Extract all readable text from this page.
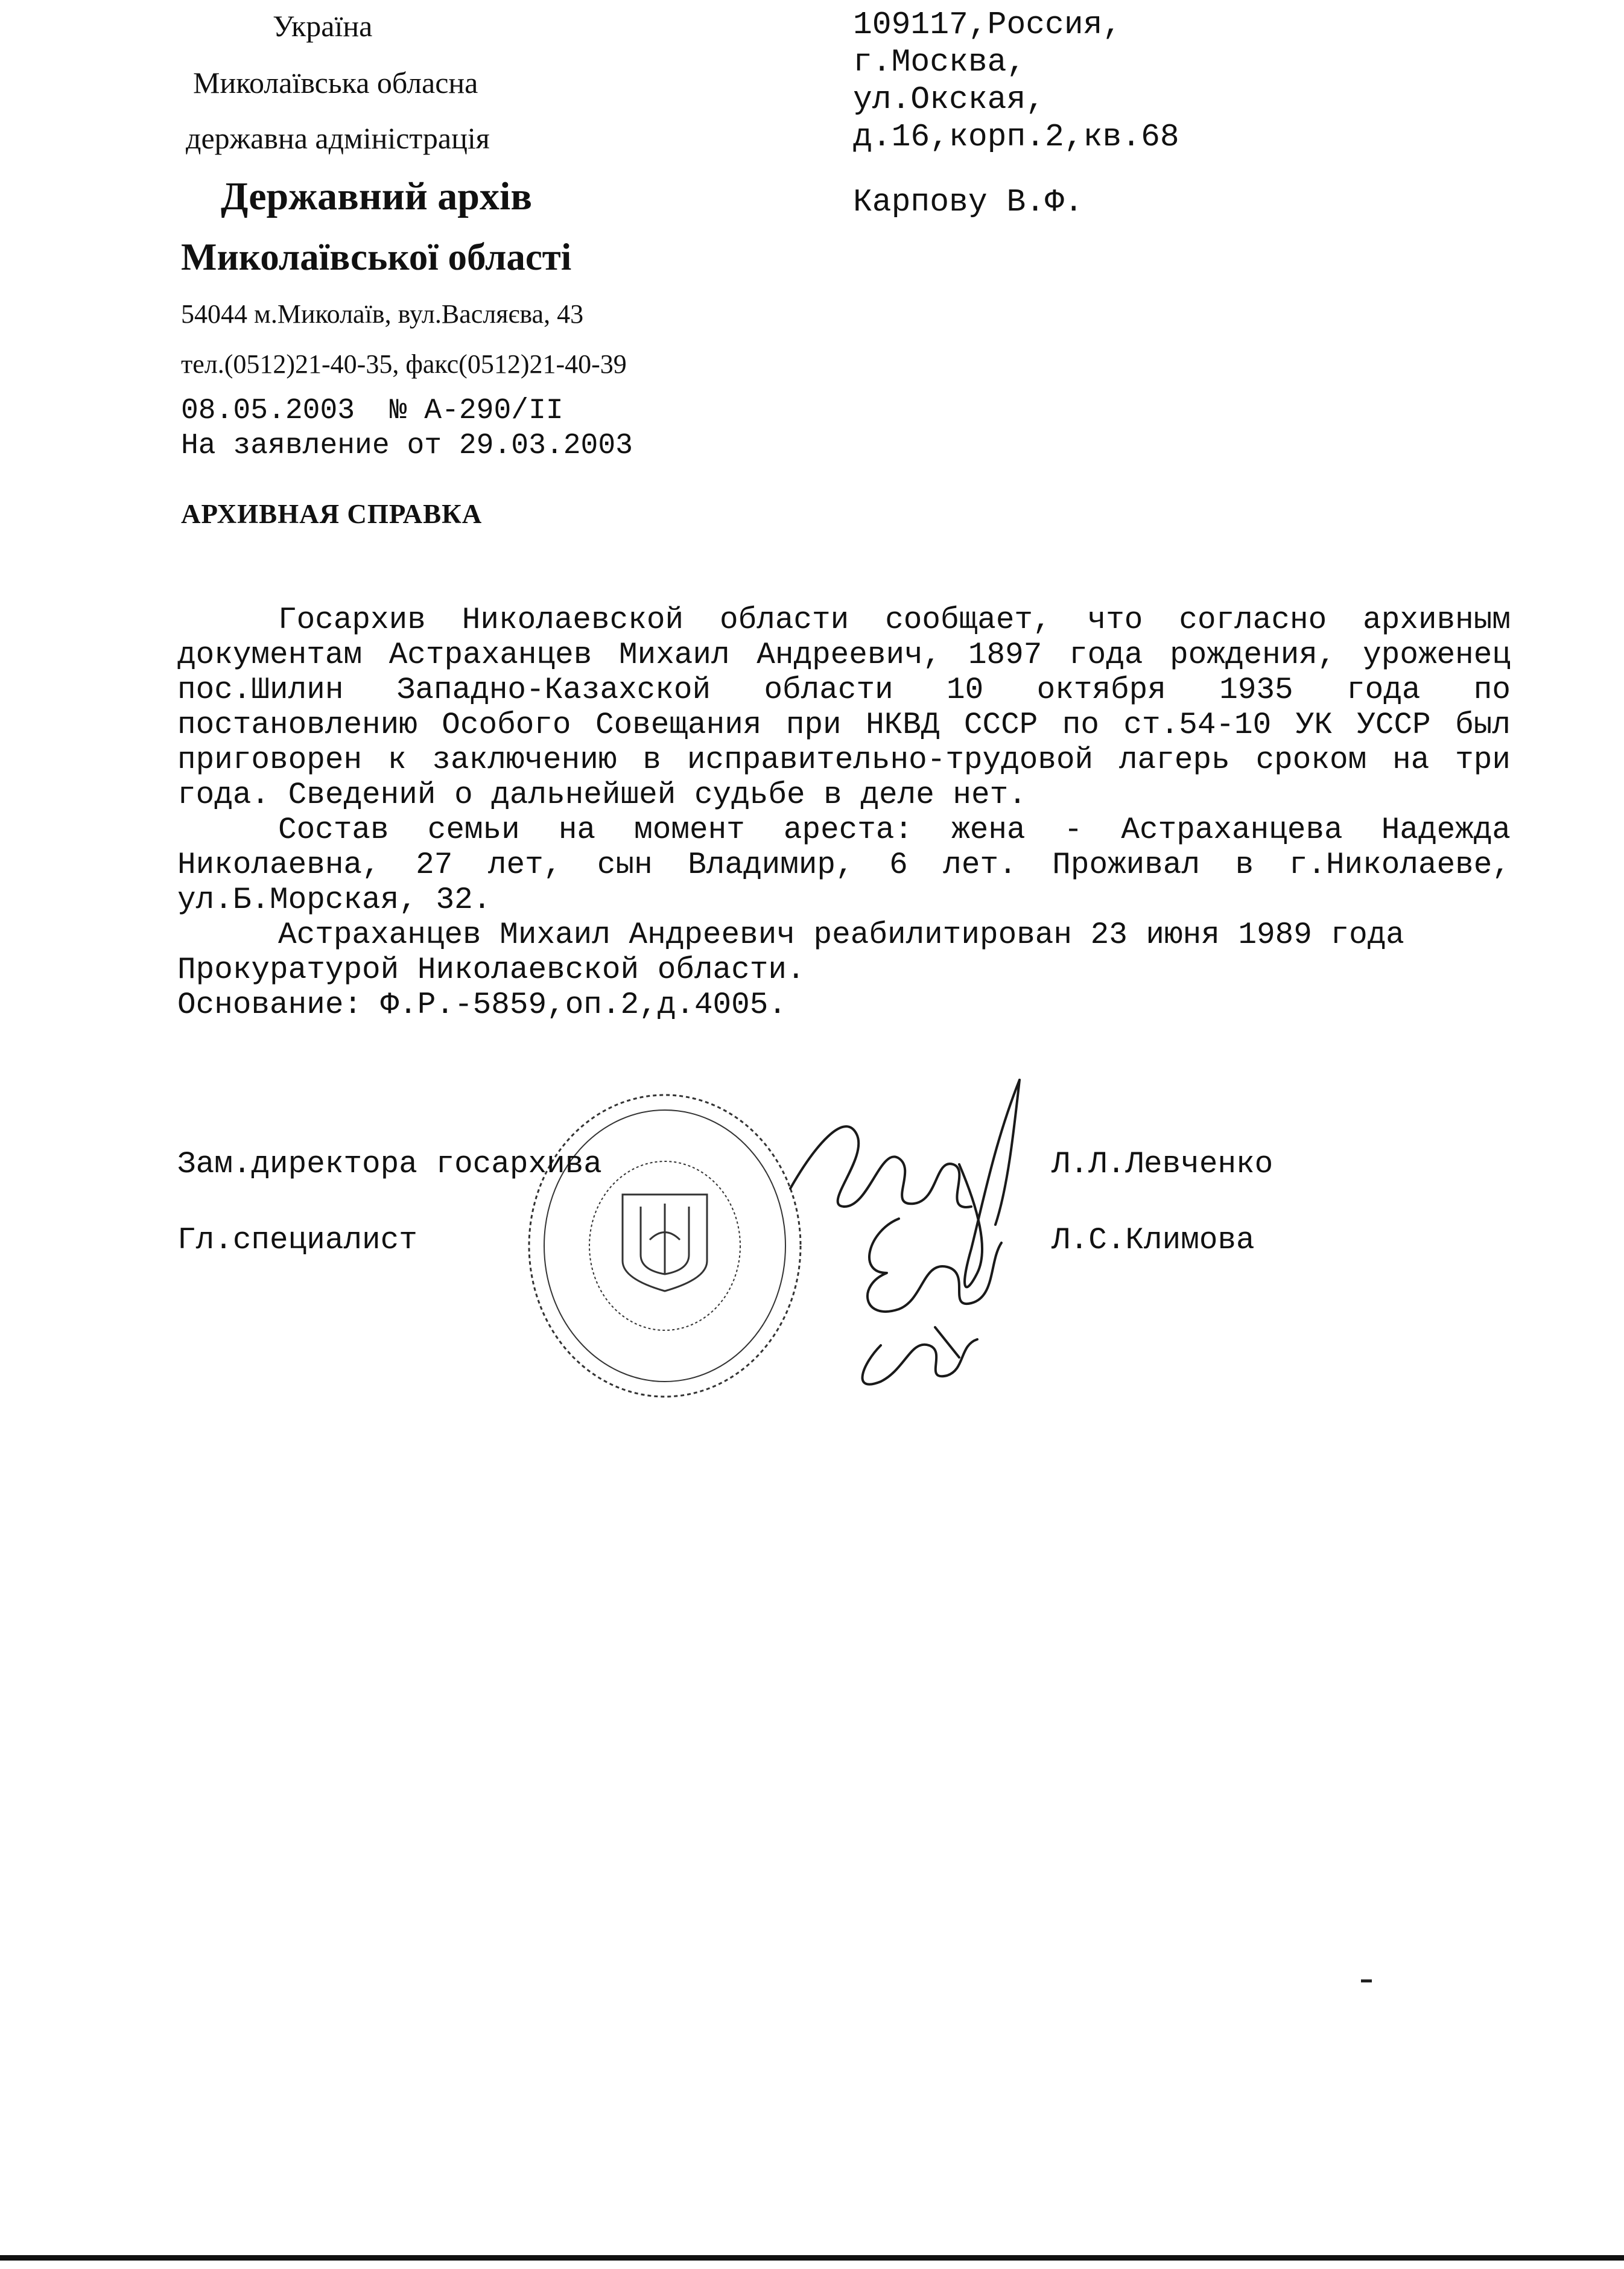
Україна
Миколаївська обласна
державна адміністрація
Державний архів
Миколаївської області
54044 м.Миколаїв, вул.Васляєва, 43
тел.(0512)21-40-35, факс(0512)21-40-39
109117,Россия,
г.Москва,
ул.Окская,
д.16,корп.2,кв.68
Карпову В.Ф.
08.05.2003  № А-290/II
На заявление от 29.03.2003
АРХИВНАЯ СПРАВКА

Госархив Николаевской области сообщает, что согласно архивным документам Астраханцев Михаил Андреевич, 1897 года рождения, уроженец пос.Шилин Западно-Казахской области 10 октября 1935 года по постановлению Особого Совещания при НКВД СССР по ст.54-10 УК УССР был приговорен к заключению в исправительно-трудовой лагерь сроком на три года. Сведений о дальнейшей судьбе в деле нет.

Состав семьи на момент ареста: жена - Астраханцева Надежда Николаевна, 27 лет, сын Владимир, 6 лет. Проживал в г.Николаеве, ул.Б.Морская, 32.

Астраханцев Михаил Андреевич реабилитирован 23 июня 1989 года Прокуратурой Николаевской области.

Основание: Ф.Р.-5859,оп.2,д.4005.

Зам.директора госархива	Л.Л.Левченко
Гл.специалист	Л.С.Климова
